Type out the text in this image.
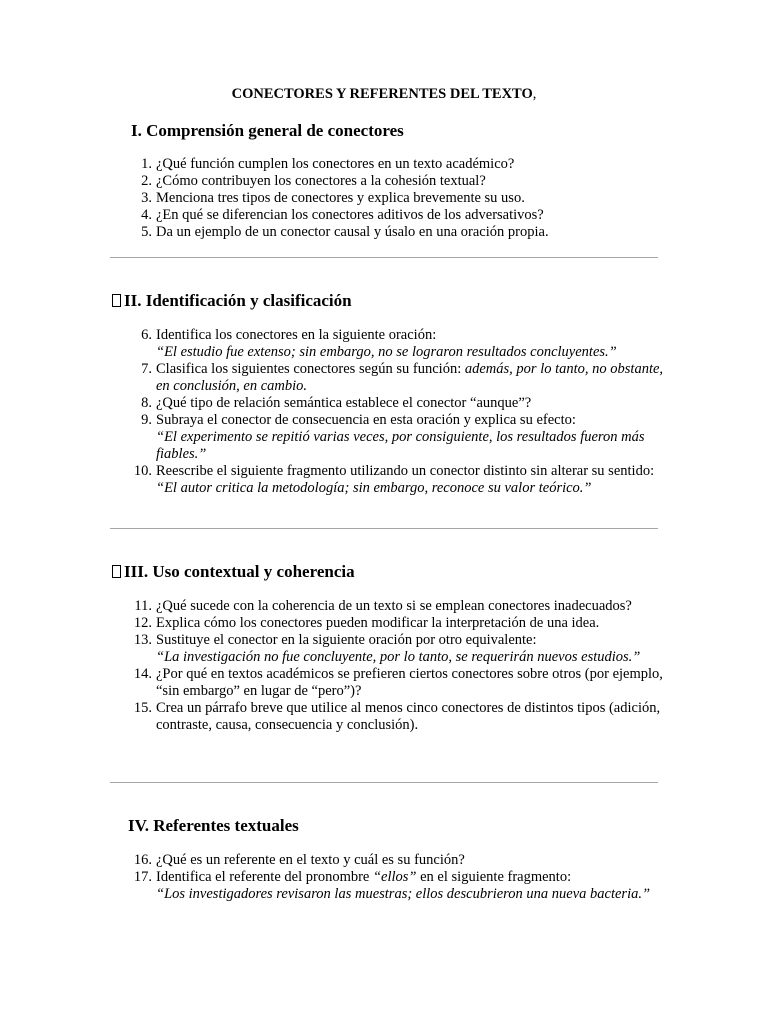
CONECTORES Y REFERENTES DEL TEXTO,
I. Comprensión general de conectores
1. ¿Qué función cumplen los conectores en un texto académico?
2. ¿Cómo contribuyen los conectores a la cohesión textual?
3. Menciona tres tipos de conectores y explica brevemente su uso.
4. ¿En qué se diferencian los conectores aditivos de los adversativos?
5. Da un ejemplo de un conector causal y úsalo en una oración propia.
II. Identificación y clasificación
6. Identifica los conectores en la siguiente oración:
“El estudio fue extenso; sin embargo, no se lograron resultados concluyentes.”
7. Clasifica los siguientes conectores según su función: además, por lo tanto, no obstante, en conclusión, en cambio.
8. ¿Qué tipo de relación semántica establece el conector “aunque”?
9. Subraya el conector de consecuencia en esta oración y explica su efecto:
“El experimento se repitió varias veces, por consiguiente, los resultados fueron más fiables.”
10. Reescribe el siguiente fragmento utilizando un conector distinto sin alterar su sentido:
“El autor critica la metodología; sin embargo, reconoce su valor teórico.”
III. Uso contextual y coherencia
11. ¿Qué sucede con la coherencia de un texto si se emplean conectores inadecuados?
12. Explica cómo los conectores pueden modificar la interpretación de una idea.
13. Sustituye el conector en la siguiente oración por otro equivalente:
“La investigación no fue concluyente, por lo tanto, se requerirán nuevos estudios.”
14. ¿Por qué en textos académicos se prefieren ciertos conectores sobre otros (por ejemplo, “sin embargo” en lugar de “pero”)?
15. Crea un párrafo breve que utilice al menos cinco conectores de distintos tipos (adición, contraste, causa, consecuencia y conclusión).
IV. Referentes textuales
16. ¿Qué es un referente en el texto y cuál es su función?
17. Identifica el referente del pronombre “ellos” en el siguiente fragmento:
“Los investigadores revisaron las muestras; ellos descubrieron una nueva bacteria.”
